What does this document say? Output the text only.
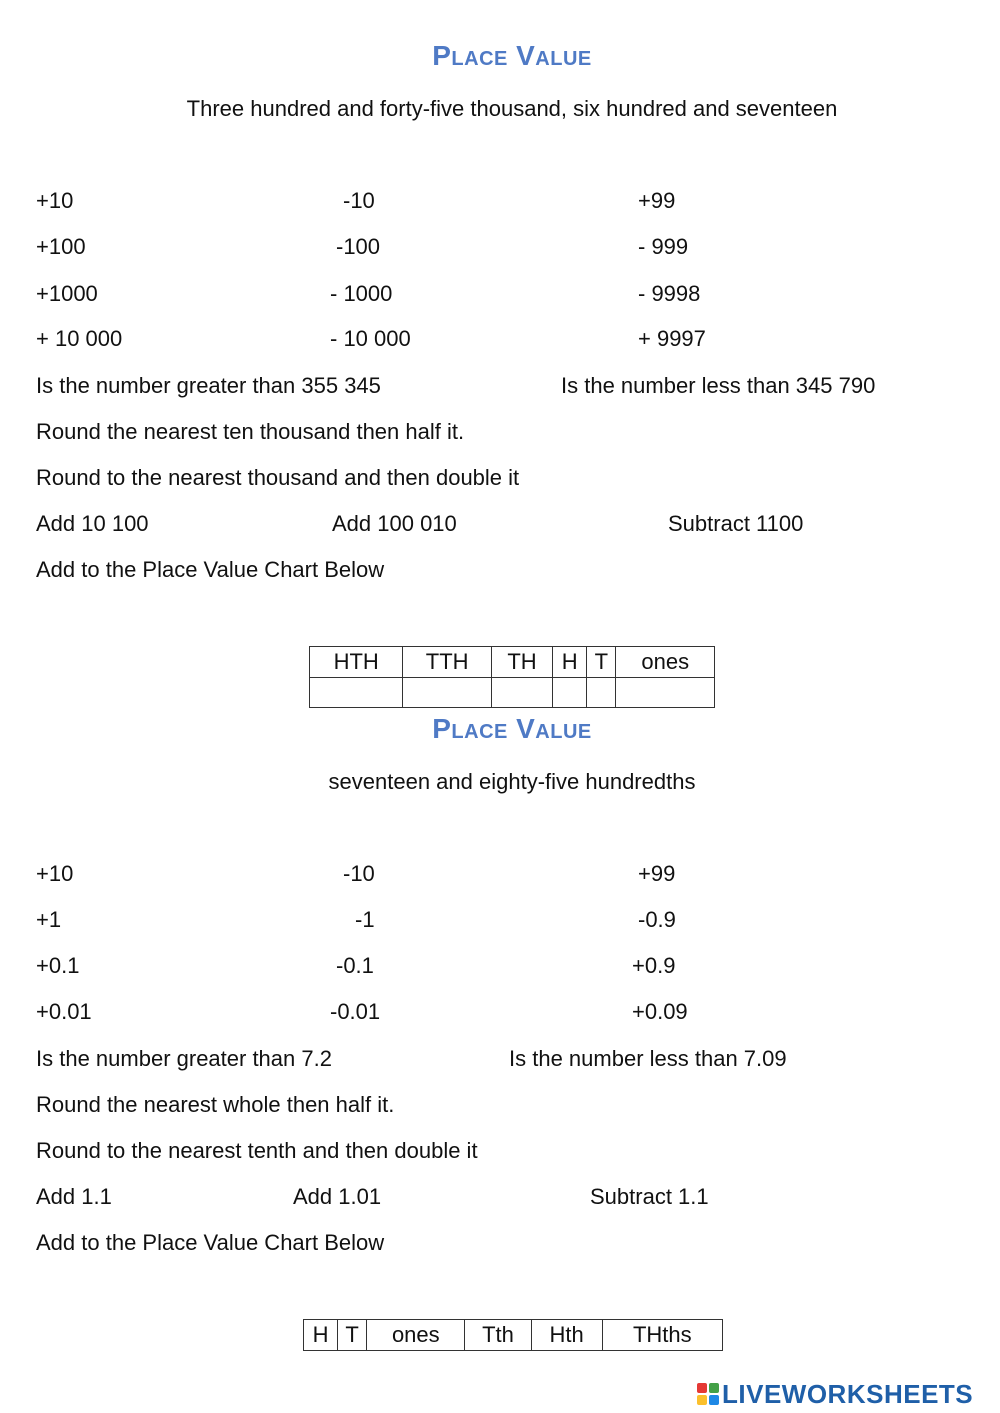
Place Value
Three hundred and forty-five thousand, six hundred and seventeen
+10	-10	+99
+100	-100	- 999
+1000	- 1000	- 9998
+ 10 000	- 10 000	+ 9997
Is the number greater than 355 345	Is the number less than 345 790
Round the nearest ten thousand then half it.
Round to the nearest thousand and then double it
Add 10 100	Add 100 010	Subtract 1100
Add to the Place Value Chart Below
HTH	TTH	TH	H	T	ones

Place Value
seventeen and eighty-five hundredths
+10	-10	+99
+1	-1	-0.9
+0.1	-0.1	+0.9
+0.01	-0.01	+0.09
Is the number greater than 7.2	Is the number less than 7.09
Round the nearest whole then half it.
Round to the nearest tenth and then double it
Add 1.1	Add 1.01	Subtract 1.1
Add to the Place Value Chart Below
H	T	ones	Tth	Hth	THths
LIVEWORKSHEETS
